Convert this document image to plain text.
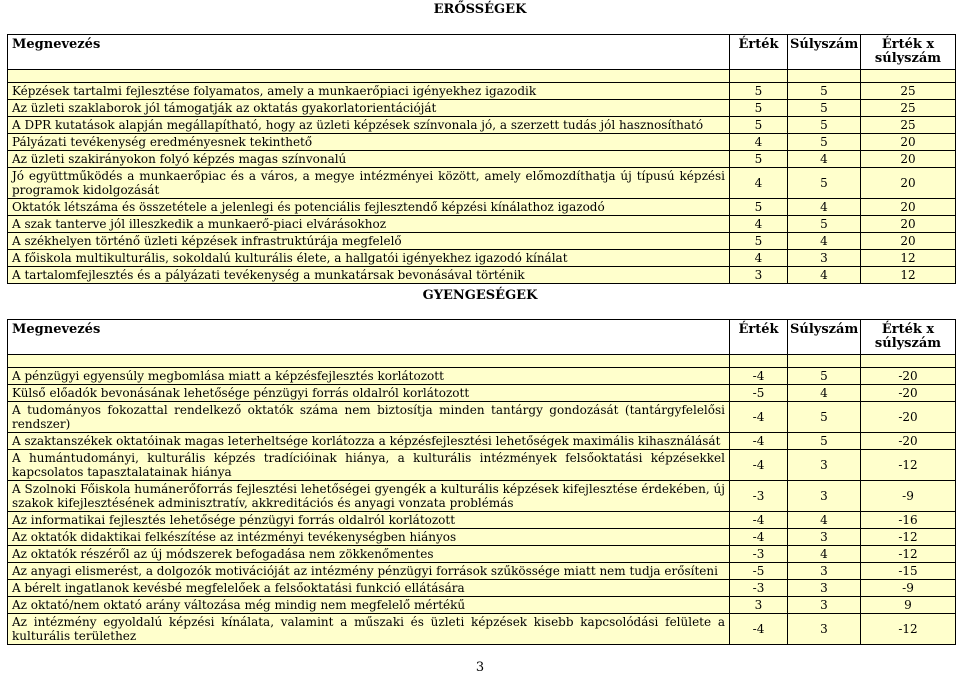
ERŐSSÉGEK
Megnevezés	Érték	Súlyszám	Érték x súlyszám

Képzések tartalmi fejlesztése folyamatos, amely a munkaerőpiaci igényekhez igazodik	5	5	25
Az üzleti szaklaborok jól támogatják az oktatás gyakorlatorientációját	5	5	25
A DPR kutatások alapján megállapítható, hogy az üzleti képzések színvonala jó, a szerzett tudás jól hasznosítható	5	5	25
Pályázati tevékenység eredményesnek tekinthető	4	5	20
Az üzleti szakirányokon folyó képzés magas színvonalú	5	4	20
Jó együttműködés a munkaerőpiac és a város, a megye intézményei között, amely előmozdíthatja új típusú képzési programok kidolgozását	4	5	20
Oktatók létszáma és összetétele a jelenlegi és potenciális fejlesztendő képzési kínálathoz igazodó	5	4	20
A szak tanterve jól illeszkedik a munkaerő-piaci elvárásokhoz	4	5	20
A székhelyen történő üzleti képzések infrastruktúrája megfelelő	5	4	20
A főiskola multikulturális, sokoldalú kulturális élete, a hallgatói igényekhez igazodó kínálat	4	3	12
A tartalomfejlesztés és a pályázati tevékenység a munkatársak bevonásával történik	3	4	12
GYENGESÉGEK
Megnevezés	Érték	Súlyszám	Érték x súlyszám

A pénzügyi egyensúly megbomlása miatt a képzésfejlesztés korlátozott	-4	5	-20
Külső előadók bevonásának lehetősége pénzügyi forrás oldalról korlátozott	-5	4	-20
A tudományos fokozattal rendelkező oktatók száma nem biztosítja minden tantárgy gondozását (tantárgyfelelősi rendszer)	-4	5	-20
A szaktanszékek oktatóinak magas leterheltsége korlátozza a képzésfejlesztési lehetőségek maximális kihasználását	-4	5	-20
A humántudományi, kulturális képzés tradícióinak hiánya, a kulturális intézmények felsőoktatási képzésekkel kapcsolatos tapasztalatainak hiánya	-4	3	-12
A Szolnoki Főiskola humánerőforrás fejlesztési lehetőségei gyengék a kulturális képzések kifejlesztése érdekében, új szakok kifejlesztésének adminisztratív, akkreditációs és anyagi vonzata problémás	-3	3	-9
Az informatikai fejlesztés lehetősége pénzügyi forrás oldalról korlátozott	-4	4	-16
Az oktatók didaktikai felkészítése az intézményi tevékenységben hiányos	-4	3	-12
Az oktatók részéről az új módszerek befogadása nem zökkenőmentes	-3	4	-12
Az anyagi elismerést, a dolgozók motivációját az intézmény pénzügyi források szűkössége miatt nem tudja erősíteni	-5	3	-15
A bérelt ingatlanok kevésbé megfelelőek a felsőoktatási funkció ellátására	-3	3	-9
Az oktató/nem oktató arány változása még mindig nem megfelelő mértékű	3	3	9
Az intézmény egyoldalú képzési kínálata, valamint a műszaki és üzleti képzések kisebb kapcsolódási felülete a kulturális területhez	-4	3	-12
3
